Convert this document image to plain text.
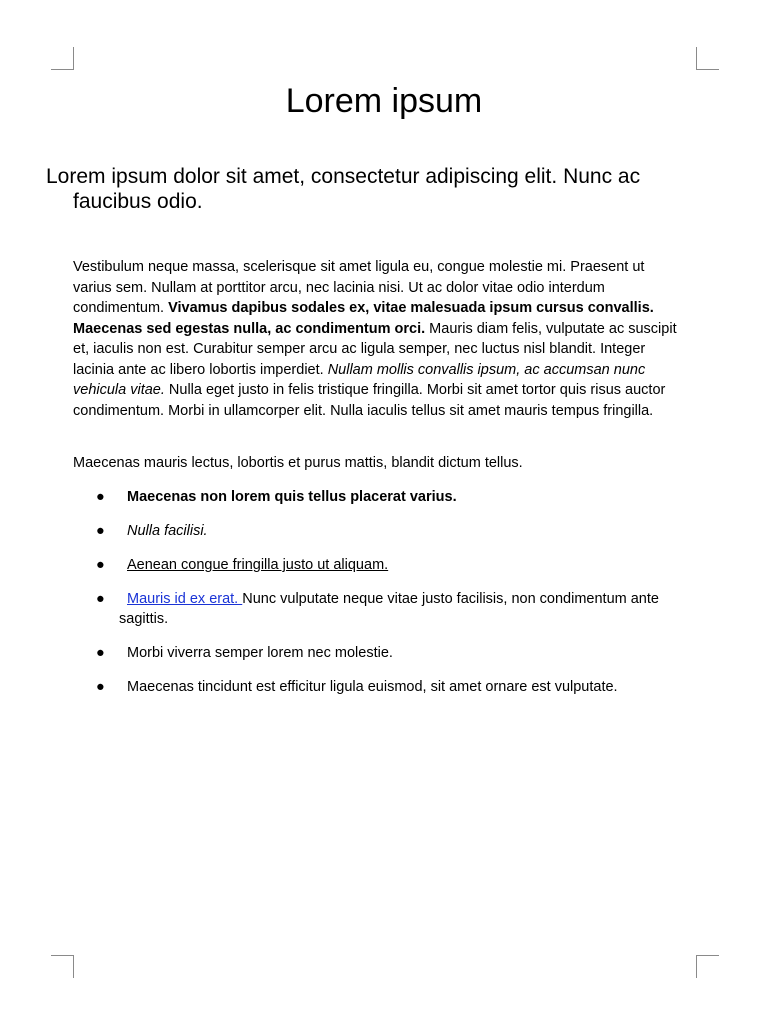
Lorem ipsum
Lorem ipsum dolor sit amet, consectetur adipiscing elit. Nunc ac faucibus odio.

Vestibulum neque massa, scelerisque sit amet ligula eu, congue molestie mi. Praesent ut varius sem. Nullam at porttitor arcu, nec lacinia nisi. Ut ac dolor vitae odio interdum condimentum. Vivamus dapibus sodales ex, vitae malesuada ipsum cursus convallis. Maecenas sed egestas nulla, ac condimentum orci. Mauris diam felis, vulputate ac suscipit et, iaculis non est. Curabitur semper arcu ac ligula semper, nec luctus nisl blandit. Integer lacinia ante ac libero lobortis imperdiet. Nullam mollis convallis ipsum, ac accumsan nunc vehicula vitae. Nulla eget justo in felis tristique fringilla. Morbi sit amet tortor quis risus auctor condimentum. Morbi in ullamcorper elit. Nulla iaculis tellus sit amet mauris tempus fringilla.

Maecenas mauris lectus, lobortis et purus mattis, blandit dictum tellus.

● Maecenas non lorem quis tellus placerat varius.
● Nulla facilisi.
● Aenean congue fringilla justo ut aliquam.
● Mauris id ex erat. Nunc vulputate neque vitae justo facilisis, non condimentum ante sagittis.
● Morbi viverra semper lorem nec molestie.
● Maecenas tincidunt est efficitur ligula euismod, sit amet ornare est vulputate.
